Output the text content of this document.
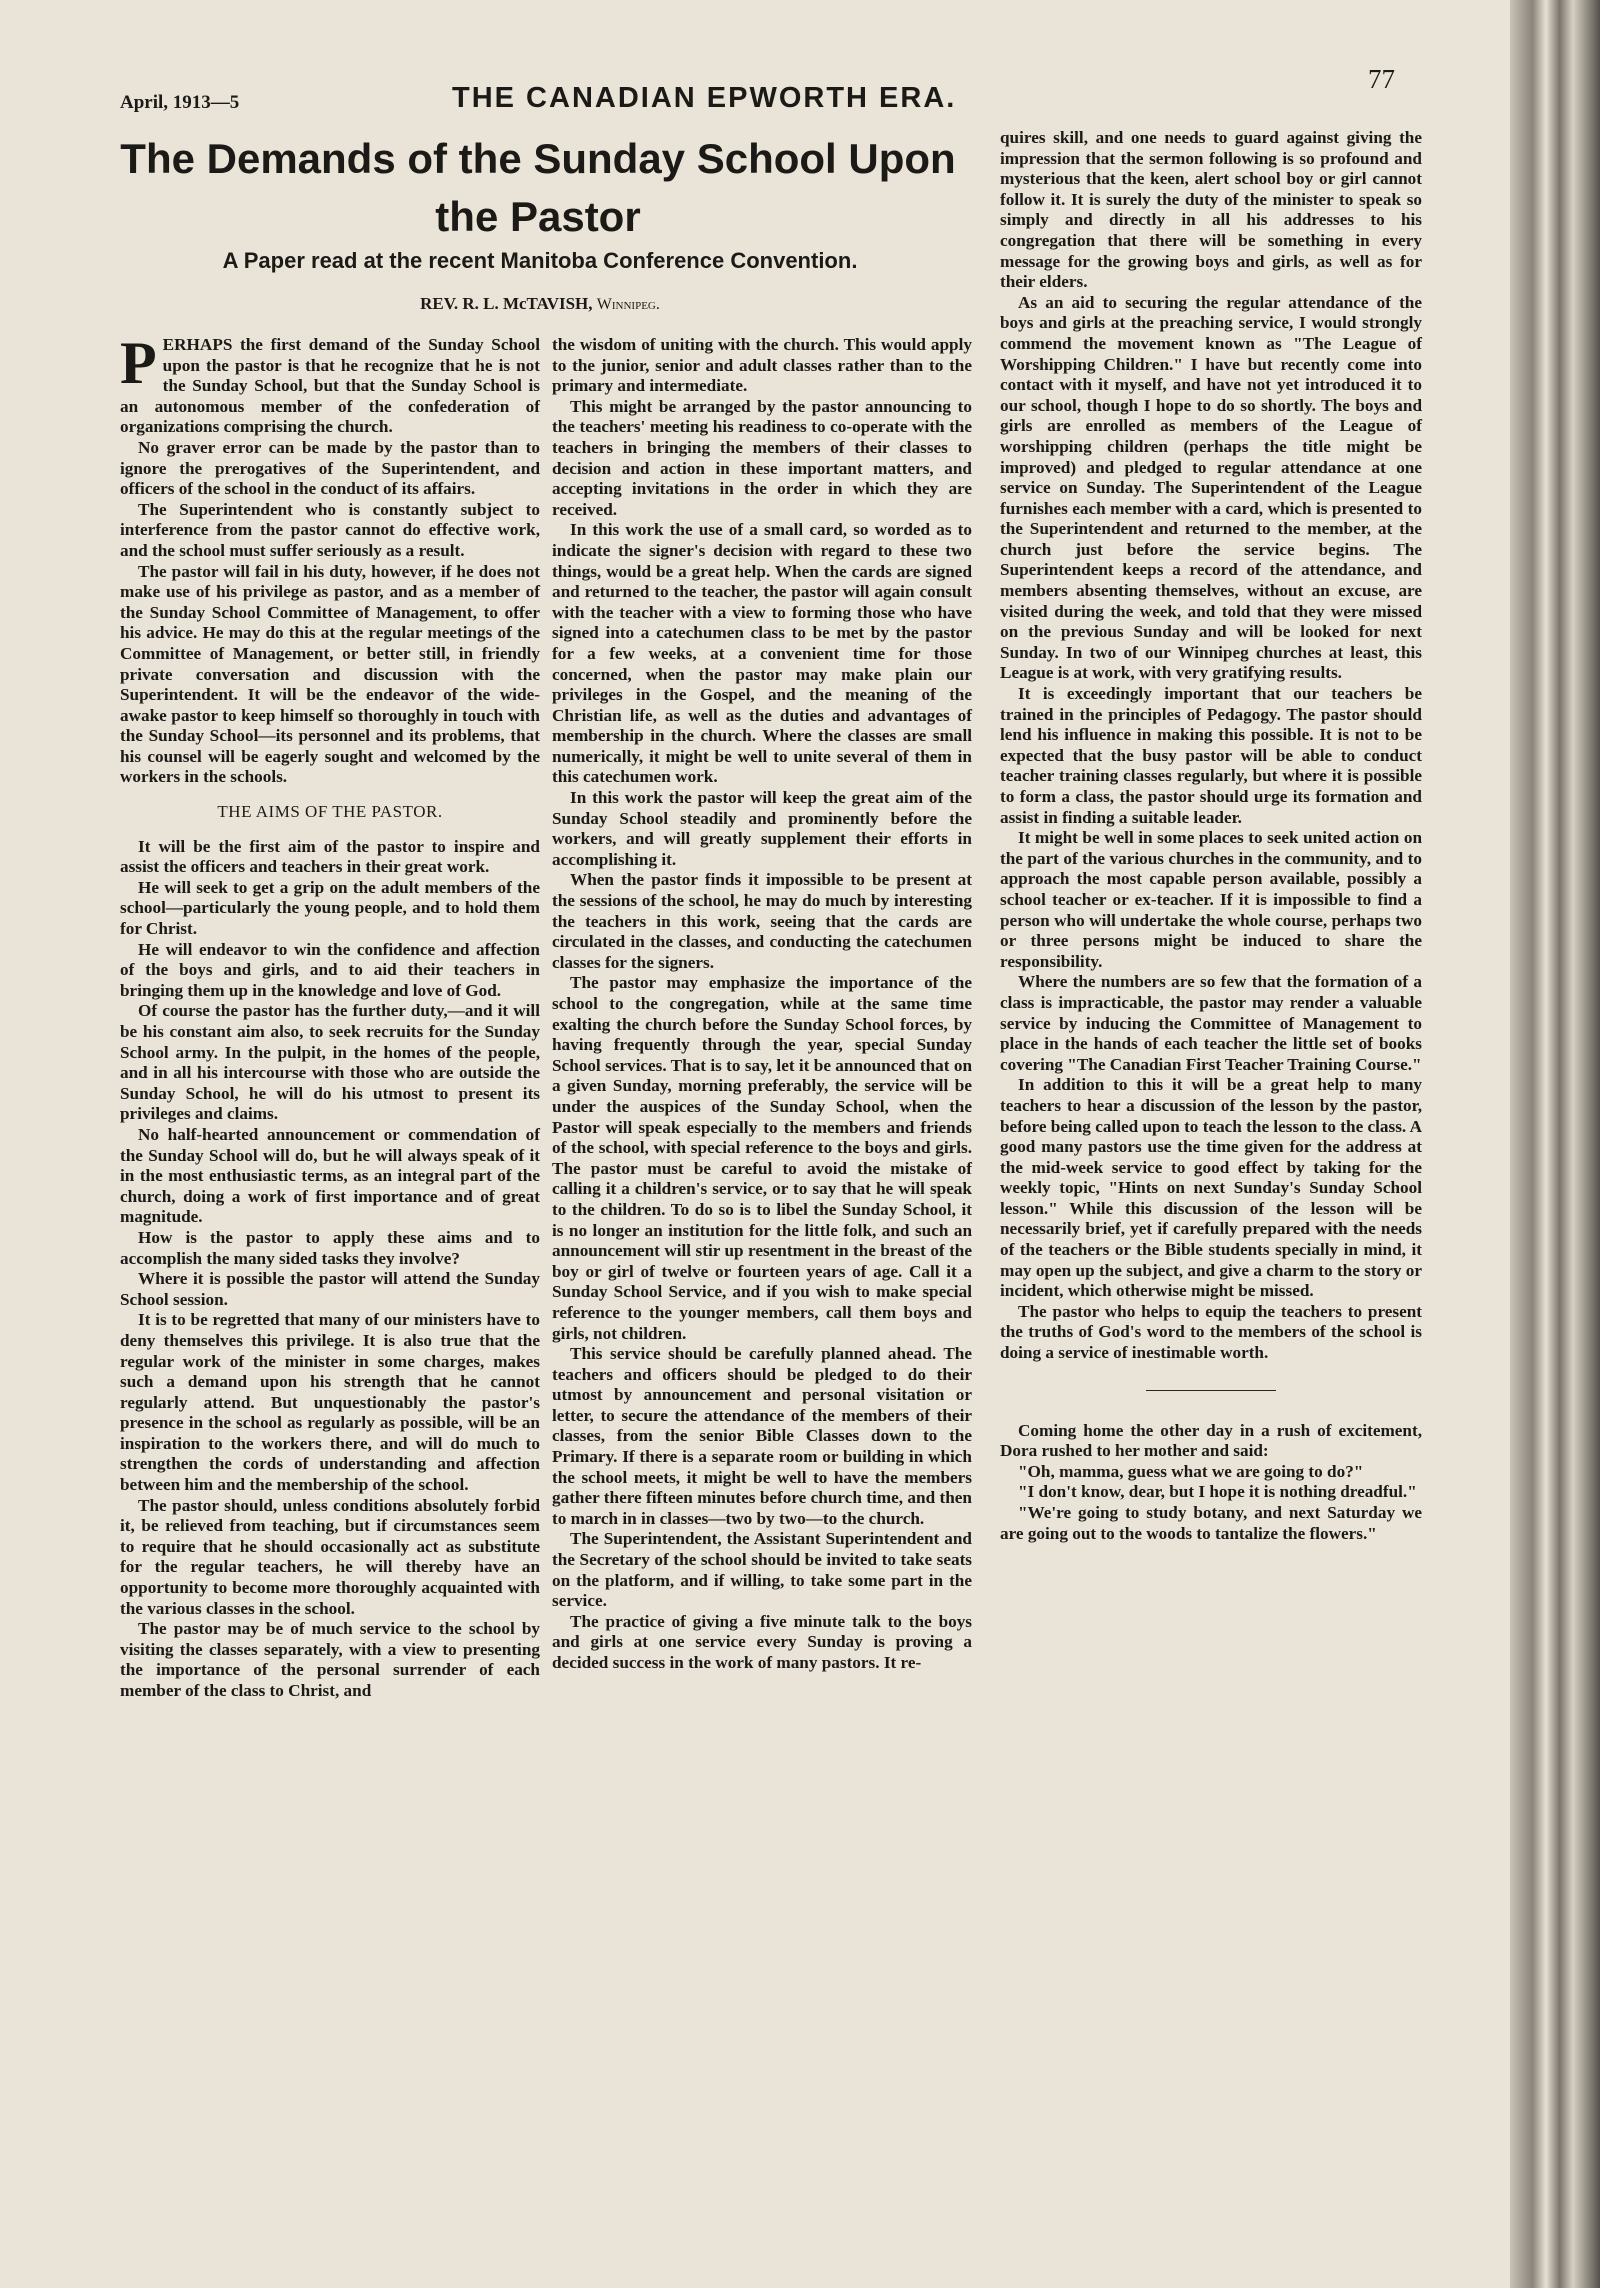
April, 1913—5	THE CANADIAN EPWORTH ERA.
77
The Demands of the Sunday School Upon
the Pastor
A Paper read at the recent Manitoba Conference Convention.
REV. R. L. McTAVISH, Winnipeg.

PERHAPS the first demand of the Sunday School upon the pastor is that he recognize that he is not the Sunday School, but that the Sunday School is an autonomous member of the confederation of organizations comprising the church.

No graver error can be made by the pastor than to ignore the prerogatives of the Superintendent, and officers of the school in the conduct of its affairs.

The Superintendent who is constantly subject to interference from the pastor cannot do effective work, and the school must suffer seriously as a result.

The pastor will fail in his duty, however, if he does not make use of his privilege as pastor, and as a member of the Sunday School Committee of Management, to offer his advice. He may do this at the regular meetings of the Committee of Management, or better still, in friendly private conversation and discussion with the Superintendent. It will be the endeavor of the wide-awake pastor to keep himself so thoroughly in touch with the Sunday School—its personnel and its problems, that his counsel will be eagerly sought and welcomed by the workers in the schools.

THE AIMS OF THE PASTOR.

It will be the first aim of the pastor to inspire and assist the officers and teachers in their great work.

He will seek to get a grip on the adult members of the school—particularly the young people, and to hold them for Christ.

He will endeavor to win the confidence and affection of the boys and girls, and to aid their teachers in bringing them up in the knowledge and love of God.

Of course the pastor has the further duty,—and it will be his constant aim also, to seek recruits for the Sunday School army. In the pulpit, in the homes of the people, and in all his intercourse with those who are outside the Sunday School, he will do his utmost to present its privileges and claims.

No half-hearted announcement or commendation of the Sunday School will do, but he will always speak of it in the most enthusiastic terms, as an integral part of the church, doing a work of first importance and of great magnitude.

How is the pastor to apply these aims and to accomplish the many sided tasks they involve?

Where it is possible the pastor will attend the Sunday School session.

It is to be regretted that many of our ministers have to deny themselves this privilege. It is also true that the regular work of the minister in some charges, makes such a demand upon his strength that he cannot regularly attend. But unquestionably the pastor's presence in the school as regularly as possible, will be an inspiration to the workers there, and will do much to strengthen the cords of understanding and affection between him and the membership of the school.

The pastor should, unless conditions absolutely forbid it, be relieved from teaching, but if circumstances seem to require that he should occasionally act as substitute for the regular teachers, he will thereby have an opportunity to become more thoroughly acquainted with the various classes in the school.

The pastor may be of much service to the school by visiting the classes separately, with a view to presenting the importance of the personal surrender of each member of the class to Christ, and

the wisdom of uniting with the church. This would apply to the junior, senior and adult classes rather than to the primary and intermediate.

This might be arranged by the pastor announcing to the teachers' meeting his readiness to co-operate with the teachers in bringing the members of their classes to decision and action in these important matters, and accepting invitations in the order in which they are received.

In this work the use of a small card, so worded as to indicate the signer's decision with regard to these two things, would be a great help. When the cards are signed and returned to the teacher, the pastor will again consult with the teacher with a view to forming those who have signed into a catechumen class to be met by the pastor for a few weeks, at a convenient time for those concerned, when the pastor may make plain our privileges in the Gospel, and the meaning of the Christian life, as well as the duties and advantages of membership in the church. Where the classes are small numerically, it might be well to unite several of them in this catechumen work.

In this work the pastor will keep the great aim of the Sunday School steadily and prominently before the workers, and will greatly supplement their efforts in accomplishing it.

When the pastor finds it impossible to be present at the sessions of the school, he may do much by interesting the teachers in this work, seeing that the cards are circulated in the classes, and conducting the catechumen classes for the signers.

The pastor may emphasize the importance of the school to the congregation, while at the same time exalting the church before the Sunday School forces, by having frequently through the year, special Sunday School services. That is to say, let it be announced that on a given Sunday, morning preferably, the service will be under the auspices of the Sunday School, when the Pastor will speak especially to the members and friends of the school, with special reference to the boys and girls. The pastor must be careful to avoid the mistake of calling it a children's service, or to say that he will speak to the children. To do so is to libel the Sunday School, it is no longer an institution for the little folk, and such an announcement will stir up resentment in the breast of the boy or girl of twelve or fourteen years of age. Call it a Sunday School Service, and if you wish to make special reference to the younger members, call them boys and girls, not children.

This service should be carefully planned ahead. The teachers and officers should be pledged to do their utmost by announcement and personal visitation or letter, to secure the attendance of the members of their classes, from the senior Bible Classes down to the Primary. If there is a separate room or building in which the school meets, it might be well to have the members gather there fifteen minutes before church time, and then to march in in classes—two by two—to the church.

The Superintendent, the Assistant Superintendent and the Secretary of the school should be invited to take seats on the platform, and if willing, to take some part in the service.

The practice of giving a five minute talk to the boys and girls at one service every Sunday is proving a decided success in the work of many pastors. It re-

quires skill, and one needs to guard against giving the impression that the sermon following is so profound and mysterious that the keen, alert school boy or girl cannot follow it. It is surely the duty of the minister to speak so simply and directly in all his addresses to his congregation that there will be something in every message for the growing boys and girls, as well as for their elders.

As an aid to securing the regular attendance of the boys and girls at the preaching service, I would strongly commend the movement known as "The League of Worshipping Children." I have but recently come into contact with it myself, and have not yet introduced it to our school, though I hope to do so shortly. The boys and girls are enrolled as members of the League of worshipping children (perhaps the title might be improved) and pledged to regular attendance at one service on Sunday. The Superintendent of the League furnishes each member with a card, which is presented to the Superintendent and returned to the member, at the church just before the service begins. The Superintendent keeps a record of the attendance, and members absenting themselves, without an excuse, are visited during the week, and told that they were missed on the previous Sunday and will be looked for next Sunday. In two of our Winnipeg churches at least, this League is at work, with very gratifying results.

It is exceedingly important that our teachers be trained in the principles of Pedagogy. The pastor should lend his influence in making this possible. It is not to be expected that the busy pastor will be able to conduct teacher training classes regularly, but where it is possible to form a class, the pastor should urge its formation and assist in finding a suitable leader.

It might be well in some places to seek united action on the part of the various churches in the community, and to approach the most capable person available, possibly a school teacher or ex-teacher. If it is impossible to find a person who will undertake the whole course, perhaps two or three persons might be induced to share the responsibility.

Where the numbers are so few that the formation of a class is impracticable, the pastor may render a valuable service by inducing the Committee of Management to place in the hands of each teacher the little set of books covering "The Canadian First Teacher Training Course."

In addition to this it will be a great help to many teachers to hear a discussion of the lesson by the pastor, before being called upon to teach the lesson to the class. A good many pastors use the time given for the address at the mid-week service to good effect by taking for the weekly topic, "Hints on next Sunday's Sunday School lesson." While this discussion of the lesson will be necessarily brief, yet if carefully prepared with the needs of the teachers or the Bible students specially in mind, it may open up the subject, and give a charm to the story or incident, which otherwise might be missed.

The pastor who helps to equip the teachers to present the truths of God's word to the members of the school is doing a service of inestimable worth.

Coming home the other day in a rush of excitement, Dora rushed to her mother and said:

"Oh, mamma, guess what we are going to do?"

"I don't know, dear, but I hope it is nothing dreadful."

"We're going to study botany, and next Saturday we are going out to the woods to tantalize the flowers."
